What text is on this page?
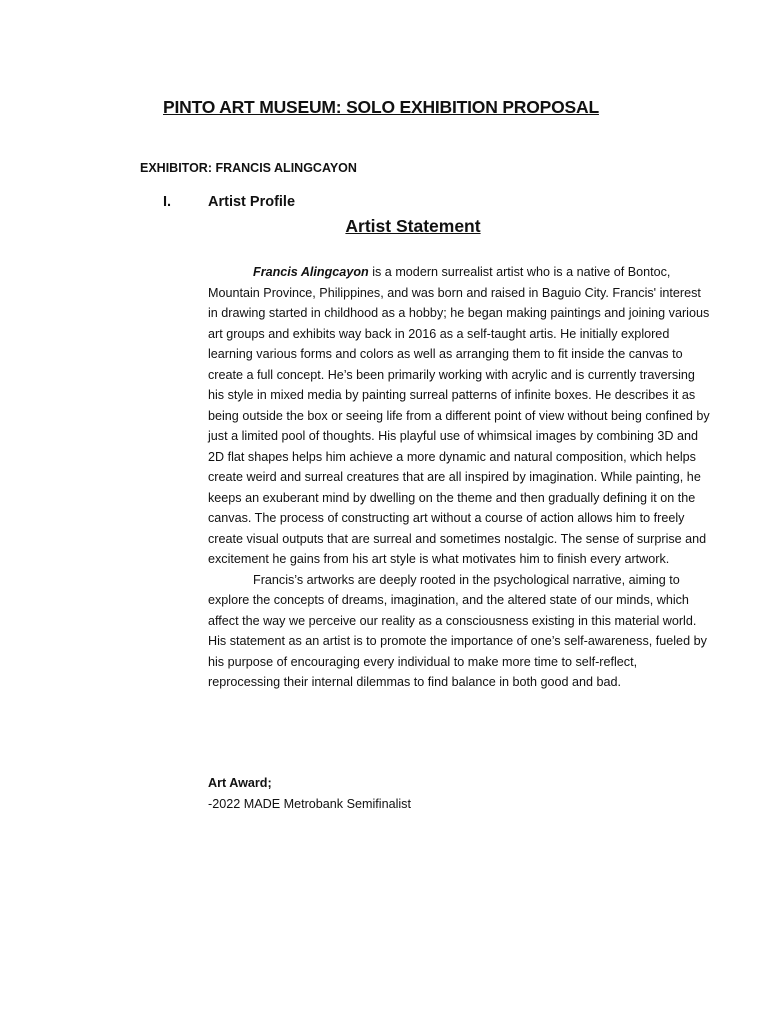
PINTO ART MUSEUM: SOLO EXHIBITION PROPOSAL
EXHIBITOR: FRANCIS ALINGCAYON
I.	Artist Profile
Artist Statement

Francis Alingcayon is a modern surrealist artist who is a native of Bontoc, Mountain Province, Philippines, and was born and raised in Baguio City. Francis' interest in drawing started in childhood as a hobby; he began making paintings and joining various art groups and exhibits way back in 2016 as a self-taught artis. He initially explored learning various forms and colors as well as arranging them to fit inside the canvas to create a full concept. He’s been primarily working with acrylic and is currently traversing his style in mixed media by painting surreal patterns of infinite boxes. He describes it as being outside the box or seeing life from a different point of view without being confined by just a limited pool of thoughts. His playful use of whimsical images by combining 3D and 2D flat shapes helps him achieve a more dynamic and natural composition, which helps create weird and surreal creatures that are all inspired by imagination. While painting, he keeps an exuberant mind by dwelling on the theme and then gradually defining it on the canvas. The process of constructing art without a course of action allows him to freely create visual outputs that are surreal and sometimes nostalgic. The sense of surprise and excitement he gains from his art style is what motivates him to finish every artwork.

Francis’s artworks are deeply rooted in the psychological narrative, aiming to explore the concepts of dreams, imagination, and the altered state of our minds, which affect the way we perceive our reality as a consciousness existing in this material world. His statement as an artist is to promote the importance of one’s self-awareness, fueled by his purpose of encouraging every individual to make more time to self-reflect, reprocessing their internal dilemmas to find balance in both good and bad.

Art Award;
-2022 MADE Metrobank Semifinalist
